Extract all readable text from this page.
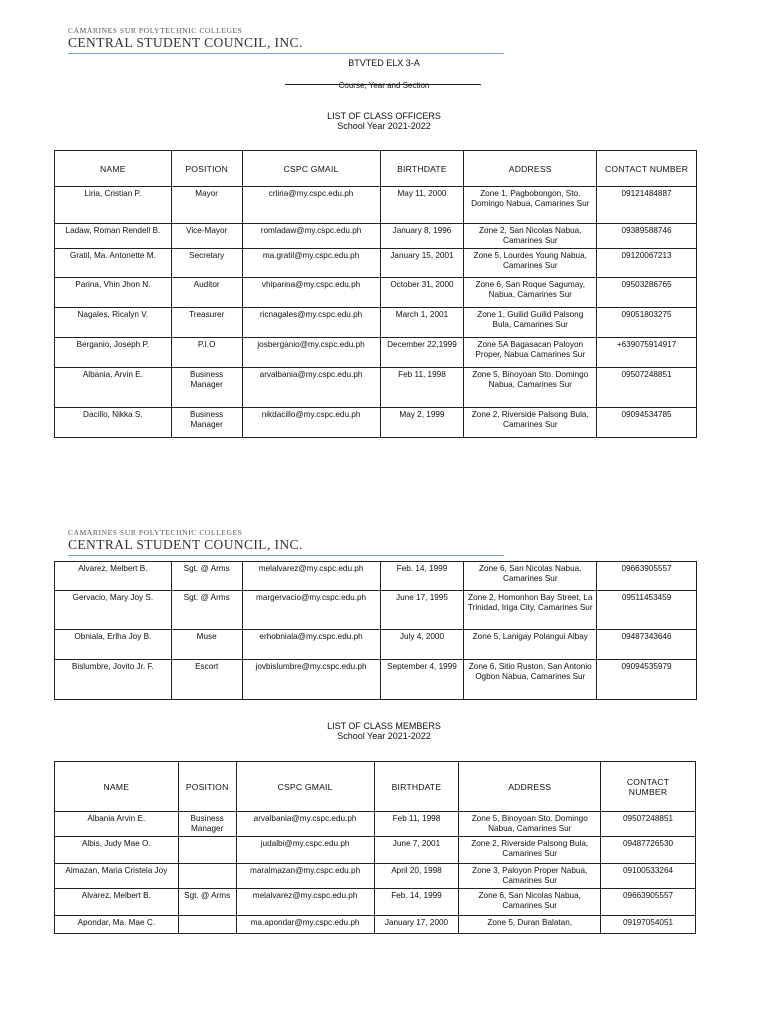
CAMARINES SUR POLYTECHNIC COLLEGES
CENTRAL STUDENT COUNCIL, INC.
BTVTED ELX 3-A
Course, Year and Section
LIST OF CLASS OFFICERS
School Year 2021-2022
NAME	POSITION	CSPC GMAIL	BIRTHDATE	ADDRESS	CONTACT NUMBER
Liria, Cristian P.	Mayor	crliria@my.cspc.edu.ph	May 11, 2000	Zone 1, Pagbobongon, Sto. Domingo Nabua, Camarines Sur	09121484887
Ladaw, Roman Rendell B.	Vice-Mayor	romladaw@my.cspc.edu.ph	January 8, 1996	Zone 2, San Nicolas Nabua, Camarines Sur	09389588746
Gratil, Ma. Antonette M.	Secretary	ma.gratil@my.cspc.edu.ph	January 15, 2001	Zone 5, Lourdes Young Nabua, Camarines Sur	09120067213
Parina, Vhin Jhon N.	Auditor	vhiparina@my.cspc.edu.ph	October 31, 2000	Zone 6, San Roque Sagumay, Nabua, Camarines Sur	09503286765
Nagales, Ricalyn V.	Treasurer	ricnagales@my.cspc.edu.ph	March 1, 2001	Zone 1, Guilid Guilid Palsong Bula, Camarines Sur	09051803275
Berganio, Joseph P.	P.I.O	josberganio@my.cspc.edu.ph	December 22,1999	Zone 5A Bagasacan Paloyon Proper, Nabua Camarines Sur	+639075914917
Albania, Arvin E.	Business Manager	arvalbania@my.cspc.edu.ph	Feb 11, 1998	Zone 5, Binoyoan Sto. Domingo Nabua, Camarines Sur	09507248851
Dacillo, Nikka S.	Business Manager	nikdacillo@my.cspc.edu.ph	May 2, 1999	Zone 2, Riverside Palsong Bula, Camarines Sur	09094534785
CAMARINES SUR POLYTECHNIC COLLEGES
CENTRAL STUDENT COUNCIL, INC.
Alvarez, Melbert B.	Sgt. @ Arms	melalvarez@my.cspc.edu.ph	Feb. 14, 1999	Zone 6, San Nicolas Nabua, Camarines Sur	09663905557
Gervacio, Mary Joy S.	Sgt. @ Arms	margervacio@my.cspc.edu.ph	June 17, 1995	Zone 2, Homonhon Bay Street, La Trinidad, Iriga City, Camarines Sur	09511453459
Obniala, Erlha Joy B.	Muse	erhobniala@my.cspc.edu.ph	July 4, 2000	Zone 5, Lanigay Polangui Albay	09487343646
Bislumbre, Jovito Jr. F.	Escort	jovbislumbre@my.cspc.edu.ph	September 4, 1999	Zone 6, Sitio Ruston, San Antonio Ogbon Nabua, Camarines Sur	09094535979
LIST OF CLASS MEMBERS
School Year 2021-2022
NAME	POSITION	CSPC GMAIL	BIRTHDATE	ADDRESS	CONTACT NUMBER
Albania Arvin E.	Business Manager	arvalbania@my.cspc.edu.ph	Feb 11, 1998	Zone 5, Binoyoan Sto. Domingo Nabua, Camarines Sur	09507248851
Albis, Judy Mae O.		judalbi@my.cspc.edu.ph	June 7, 2001	Zone 2, Riverside Palsong Bula, Camarines Sur	09487726530
Almazan, Maria Cristela Joy		maralmazan@my.cspc.edu.ph	April 20, 1998	Zone 3, Paloyon Proper Nabua, Camarines Sur	09100533264
Alvarez, Melbert B.	Sgt. @ Arms	melalvarez@my.cspc.edu.ph	Feb. 14, 1999	Zone 6, San Nicolas Nabua, Camarines Sur	09663905557
Apondar, Ma. Mae C.		ma.apondar@my.cspc.edu.ph	January 17, 2000	Zone 5, Duran Balatan,	09197054051
